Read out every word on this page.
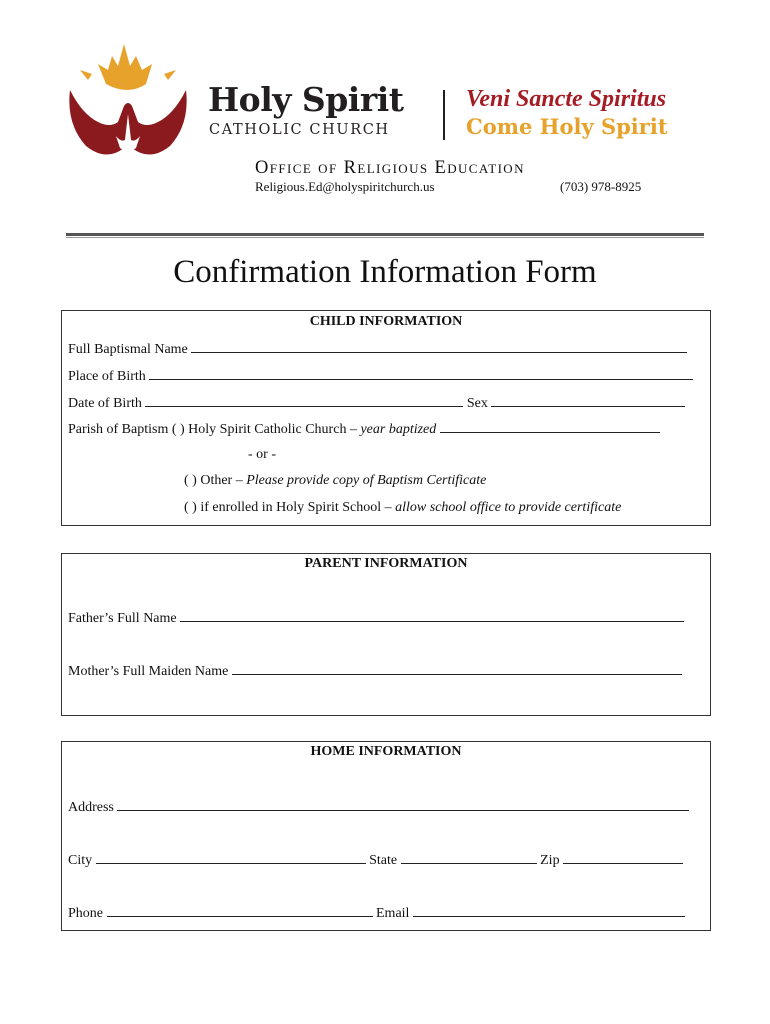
Holy Spirit
CATHOLIC CHURCH
Veni Sancte Spiritus
Come Holy Spirit
Office of Religious Education
Religious.Ed@holyspiritchurch.us	(703) 978-8925
Confirmation Information Form
CHILD INFORMATION
Full Baptismal Name
Place of Birth
Date of Birth	Sex
Parish of Baptism ( ) Holy Spirit Catholic Church – year baptized
- or -
( ) Other – Please provide copy of Baptism Certificate
( ) if enrolled in Holy Spirit School – allow school office to provide certificate
PARENT INFORMATION
Father’s Full Name
Mother’s Full Maiden Name
HOME INFORMATION
Address
City	State	Zip
Phone	Email
